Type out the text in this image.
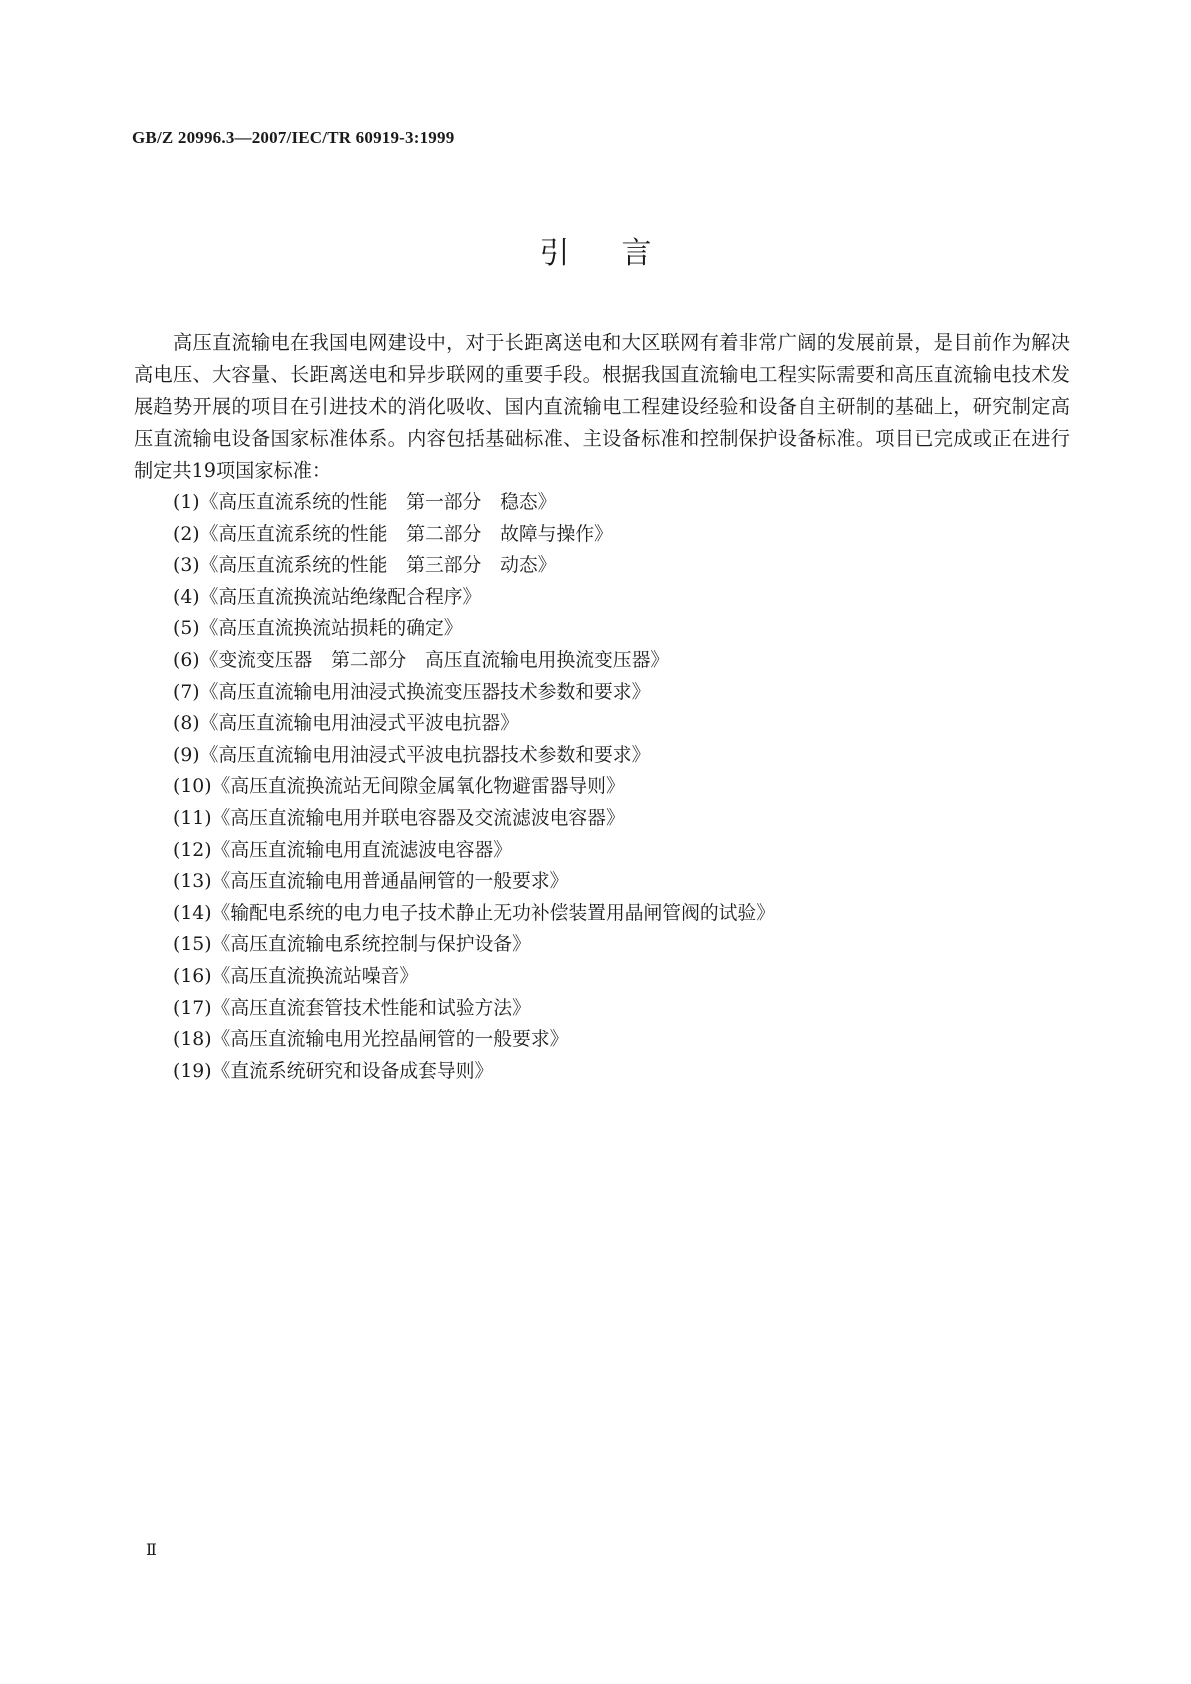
GB/Z 20996.3—2007/IEC/TR 60919-3:1999
引言

高压直流输电在我国电网建设中，对于长距离送电和大区联网有着非常广阔的发展前景，是目前作为解决高电压、大容量、长距离送电和异步联网的重要手段。根据我国直流输电工程实际需要和高压直流输电技术发展趋势开展的项目在引进技术的消化吸收、国内直流输电工程建设经验和设备自主研制的基础上，研究制定高压直流输电设备国家标准体系。内容包括基础标准、主设备标准和控制保护设备标准。项目已完成或正在进行制定共19项国家标准：

(1)《高压直流系统的性能　第一部分　稳态》
(2)《高压直流系统的性能　第二部分　故障与操作》
(3)《高压直流系统的性能　第三部分　动态》
(4)《高压直流换流站绝缘配合程序》
(5)《高压直流换流站损耗的确定》
(6)《变流变压器　第二部分　高压直流输电用换流变压器》
(7)《高压直流输电用油浸式换流变压器技术参数和要求》
(8)《高压直流输电用油浸式平波电抗器》
(9)《高压直流输电用油浸式平波电抗器技术参数和要求》
(10)《高压直流换流站无间隙金属氧化物避雷器导则》
(11)《高压直流输电用并联电容器及交流滤波电容器》
(12)《高压直流输电用直流滤波电容器》
(13)《高压直流输电用普通晶闸管的一般要求》
(14)《输配电系统的电力电子技术静止无功补偿装置用晶闸管阀的试验》
(15)《高压直流输电系统控制与保护设备》
(16)《高压直流换流站噪音》
(17)《高压直流套管技术性能和试验方法》
(18)《高压直流输电用光控晶闸管的一般要求》
(19)《直流系统研究和设备成套导则》
Ⅱ
